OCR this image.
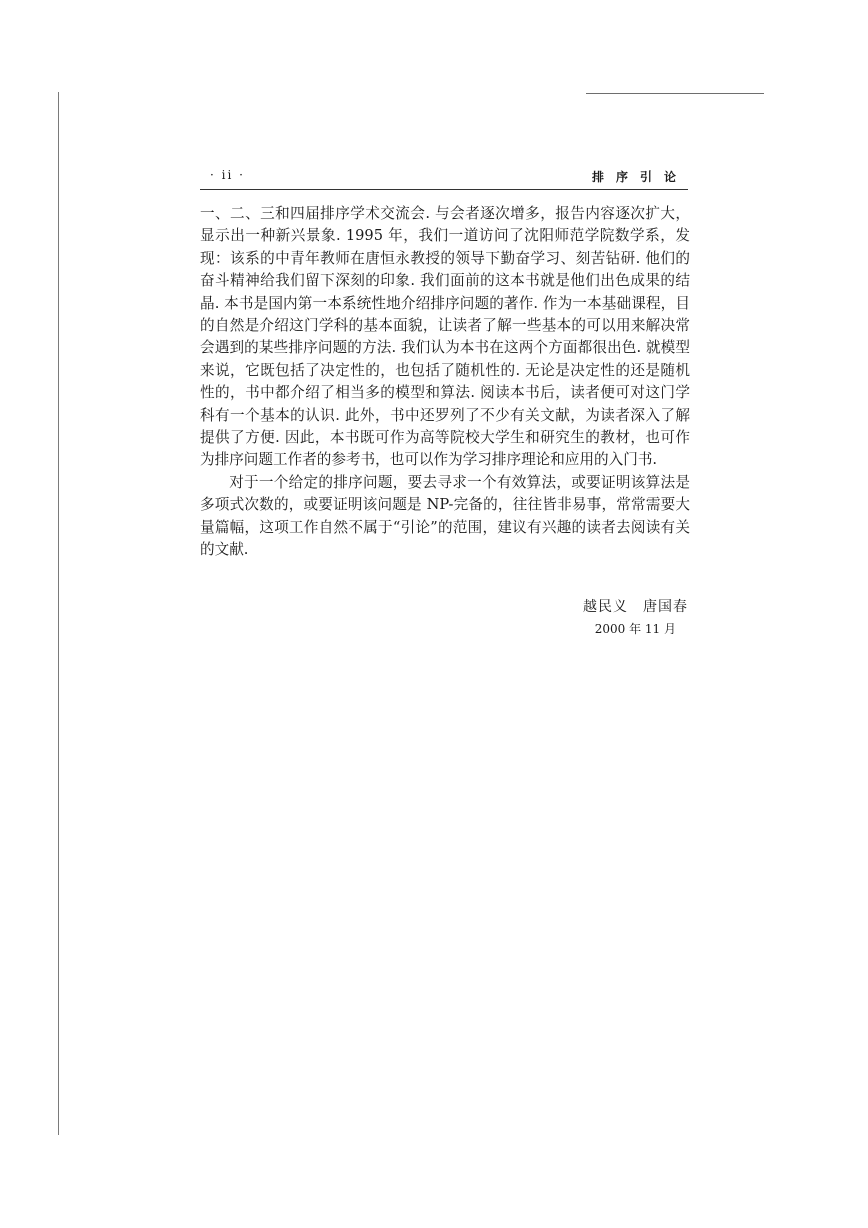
· ii ·	排序引论

一、二、三和四届排序学术交流会. 与会者逐次增多，报告内容逐次扩大，显示出一种新兴景象. 1995 年，我们一道访问了沈阳师范学院数学系，发现：该系的中青年教师在唐恒永教授的领导下勤奋学习、刻苦钻研. 他们的奋斗精神给我们留下深刻的印象. 我们面前的这本书就是他们出色成果的结晶. 本书是国内第一本系统性地介绍排序问题的著作. 作为一本基础课程，目的自然是介绍这门学科的基本面貌，让读者了解一些基本的可以用来解决常会遇到的某些排序问题的方法. 我们认为本书在这两个方面都很出色. 就模型来说，它既包括了决定性的，也包括了随机性的. 无论是决定性的还是随机性的，书中都介绍了相当多的模型和算法. 阅读本书后，读者便可对这门学科有一个基本的认识. 此外，书中还罗列了不少有关文献，为读者深入了解提供了方便. 因此，本书既可作为高等院校大学生和研究生的教材，也可作为排序问题工作者的参考书，也可以作为学习排序理论和应用的入门书.

对于一个给定的排序问题，要去寻求一个有效算法，或要证明该算法是多项式次数的，或要证明该问题是 NP-完备的，往往皆非易事，常常需要大量篇幅，这项工作自然不属于“引论”的范围，建议有兴趣的读者去阅读有关的文献.

越民义　唐国春
2000 年 11 月
